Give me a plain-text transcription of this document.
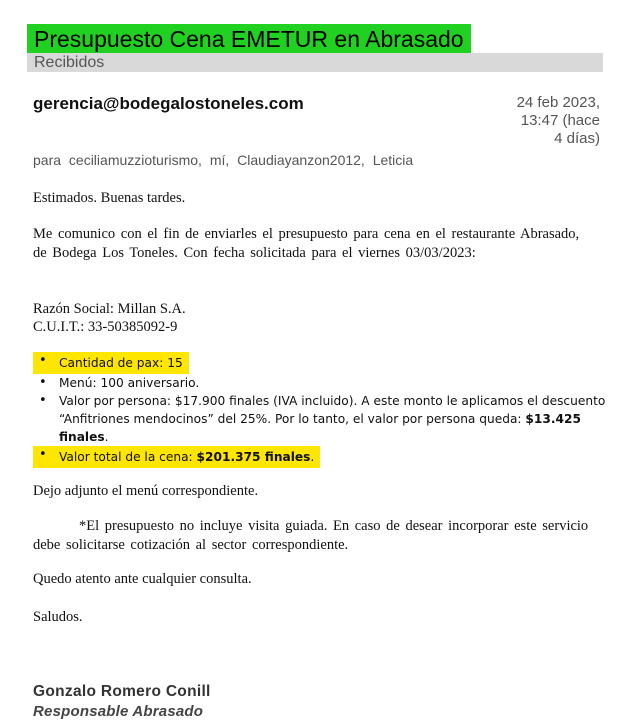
Presupuesto Cena EMETUR en Abrasado
Recibidos
gerencia@bodegalostoneles.com	24 feb 2023,
13:47 (hace
4 días)
para ceciliamuzzioturismo, mí, Claudiayanzon2012, Leticia
Estimados. Buenas tardes.
Me comunico con el fin de enviarles el presupuesto para cena en el restaurante Abrasado, de Bodega Los Toneles. Con fecha solicitada para el viernes 03/03/2023:
Razón Social: Millan S.A.
C.U.I.T.: 33-50385092-9
• Cantidad de pax: 15
• Menú: 100 aniversario.
• Valor por persona: $17.900 finales (IVA incluido). A este monto le aplicamos el descuento “Anfitriones mendocinos” del 25%. Por lo tanto, el valor por persona queda: $13.425 finales.
• Valor total de la cena: $201.375 finales.
Dejo adjunto el menú correspondiente.
*El presupuesto no incluye visita guiada. En caso de desear incorporar este servicio debe solicitarse cotización al sector correspondiente.
Quedo atento ante cualquier consulta.
Saludos.
Gonzalo Romero Conill
Responsable Abrasado
